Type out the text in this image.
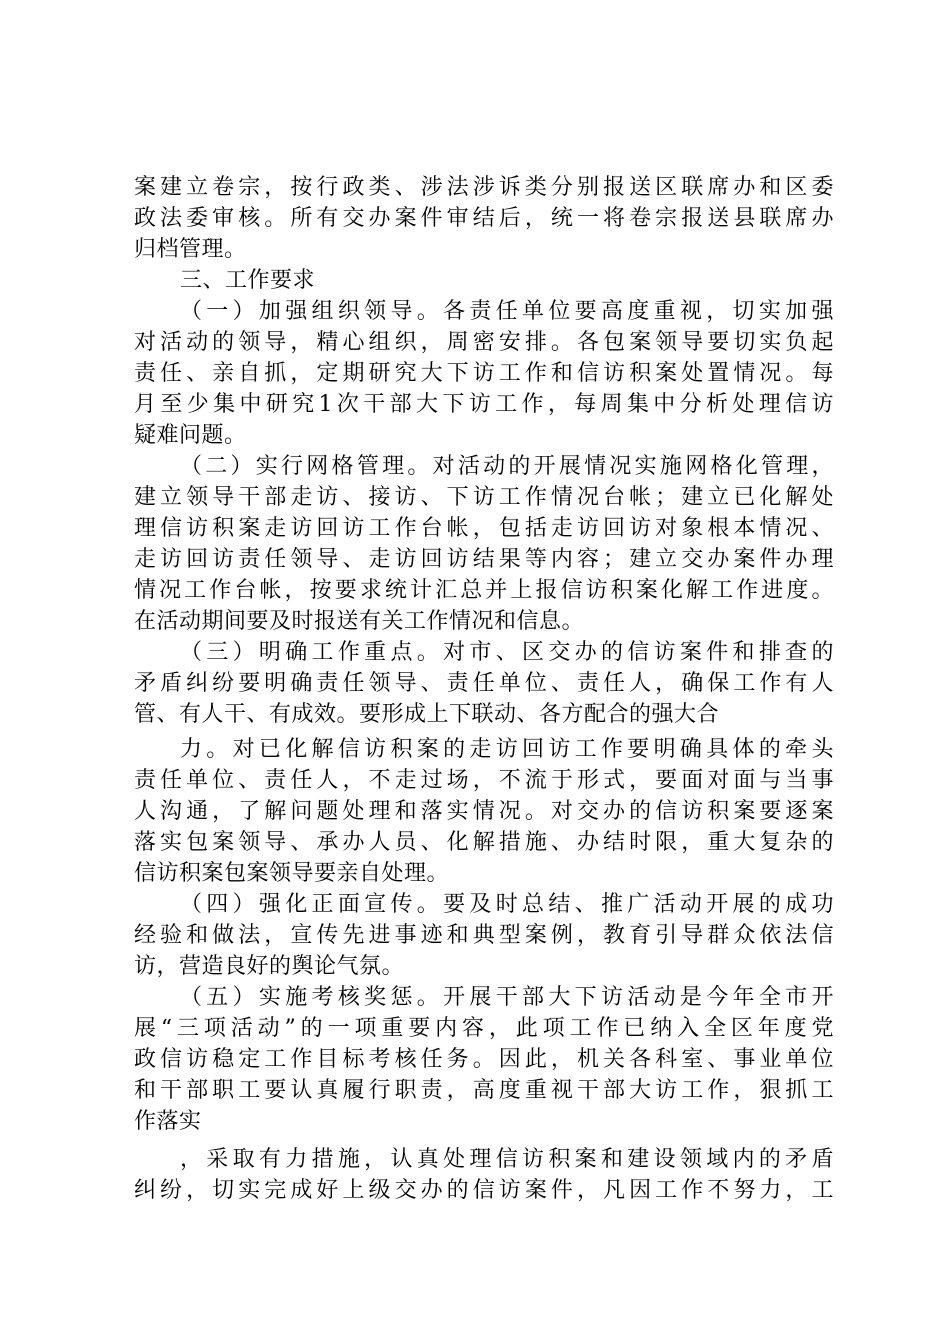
案建立卷宗，按行政类、涉法涉诉类分别报送区联席办和区委
政法委审核。所有交办案件审结后，统一将卷宗报送县联席办
归档管理。
三、工作要求
（一）加强组织领导。各责任单位要高度重视，切实加强
对活动的领导，精心组织，周密安排。各包案领导要切实负起
责任、亲自抓，定期研究大下访工作和信访积案处置情况。每
月至少集中研究1次干部大下访工作，每周集中分析处理信访
疑难问题。
（二）实行网格管理。对活动的开展情况实施网格化管理，
建立领导干部走访、接访、下访工作情况台帐；建立已化解处
理信访积案走访回访工作台帐，包括走访回访对象根本情况、
走访回访责任领导、走访回访结果等内容；建立交办案件办理
情况工作台帐，按要求统计汇总并上报信访积案化解工作进度。
在活动期间要及时报送有关工作情况和信息。
（三）明确工作重点。对市、区交办的信访案件和排查的
矛盾纠纷要明确责任领导、责任单位、责任人，确保工作有人
管、有人干、有成效。要形成上下联动、各方配合的强大合
力。对已化解信访积案的走访回访工作要明确具体的牵头
责任单位、责任人，不走过场，不流于形式，要面对面与当事
人沟通，了解问题处理和落实情况。对交办的信访积案要逐案
落实包案领导、承办人员、化解措施、办结时限，重大复杂的
信访积案包案领导要亲自处理。
（四）强化正面宣传。要及时总结、推广活动开展的成功
经验和做法，宣传先进事迹和典型案例，教育引导群众依法信
访，营造良好的舆论气氛。
（五）实施考核奖惩。开展干部大下访活动是今年全市开
展“三项活动”的一项重要内容，此项工作已纳入全区年度党
政信访稳定工作目标考核任务。因此，机关各科室、事业单位
和干部职工要认真履行职责，高度重视干部大访工作，狠抓工
作落实
，采取有力措施，认真处理信访积案和建设领域内的矛盾
纠纷，切实完成好上级交办的信访案件，凡因工作不努力，工
